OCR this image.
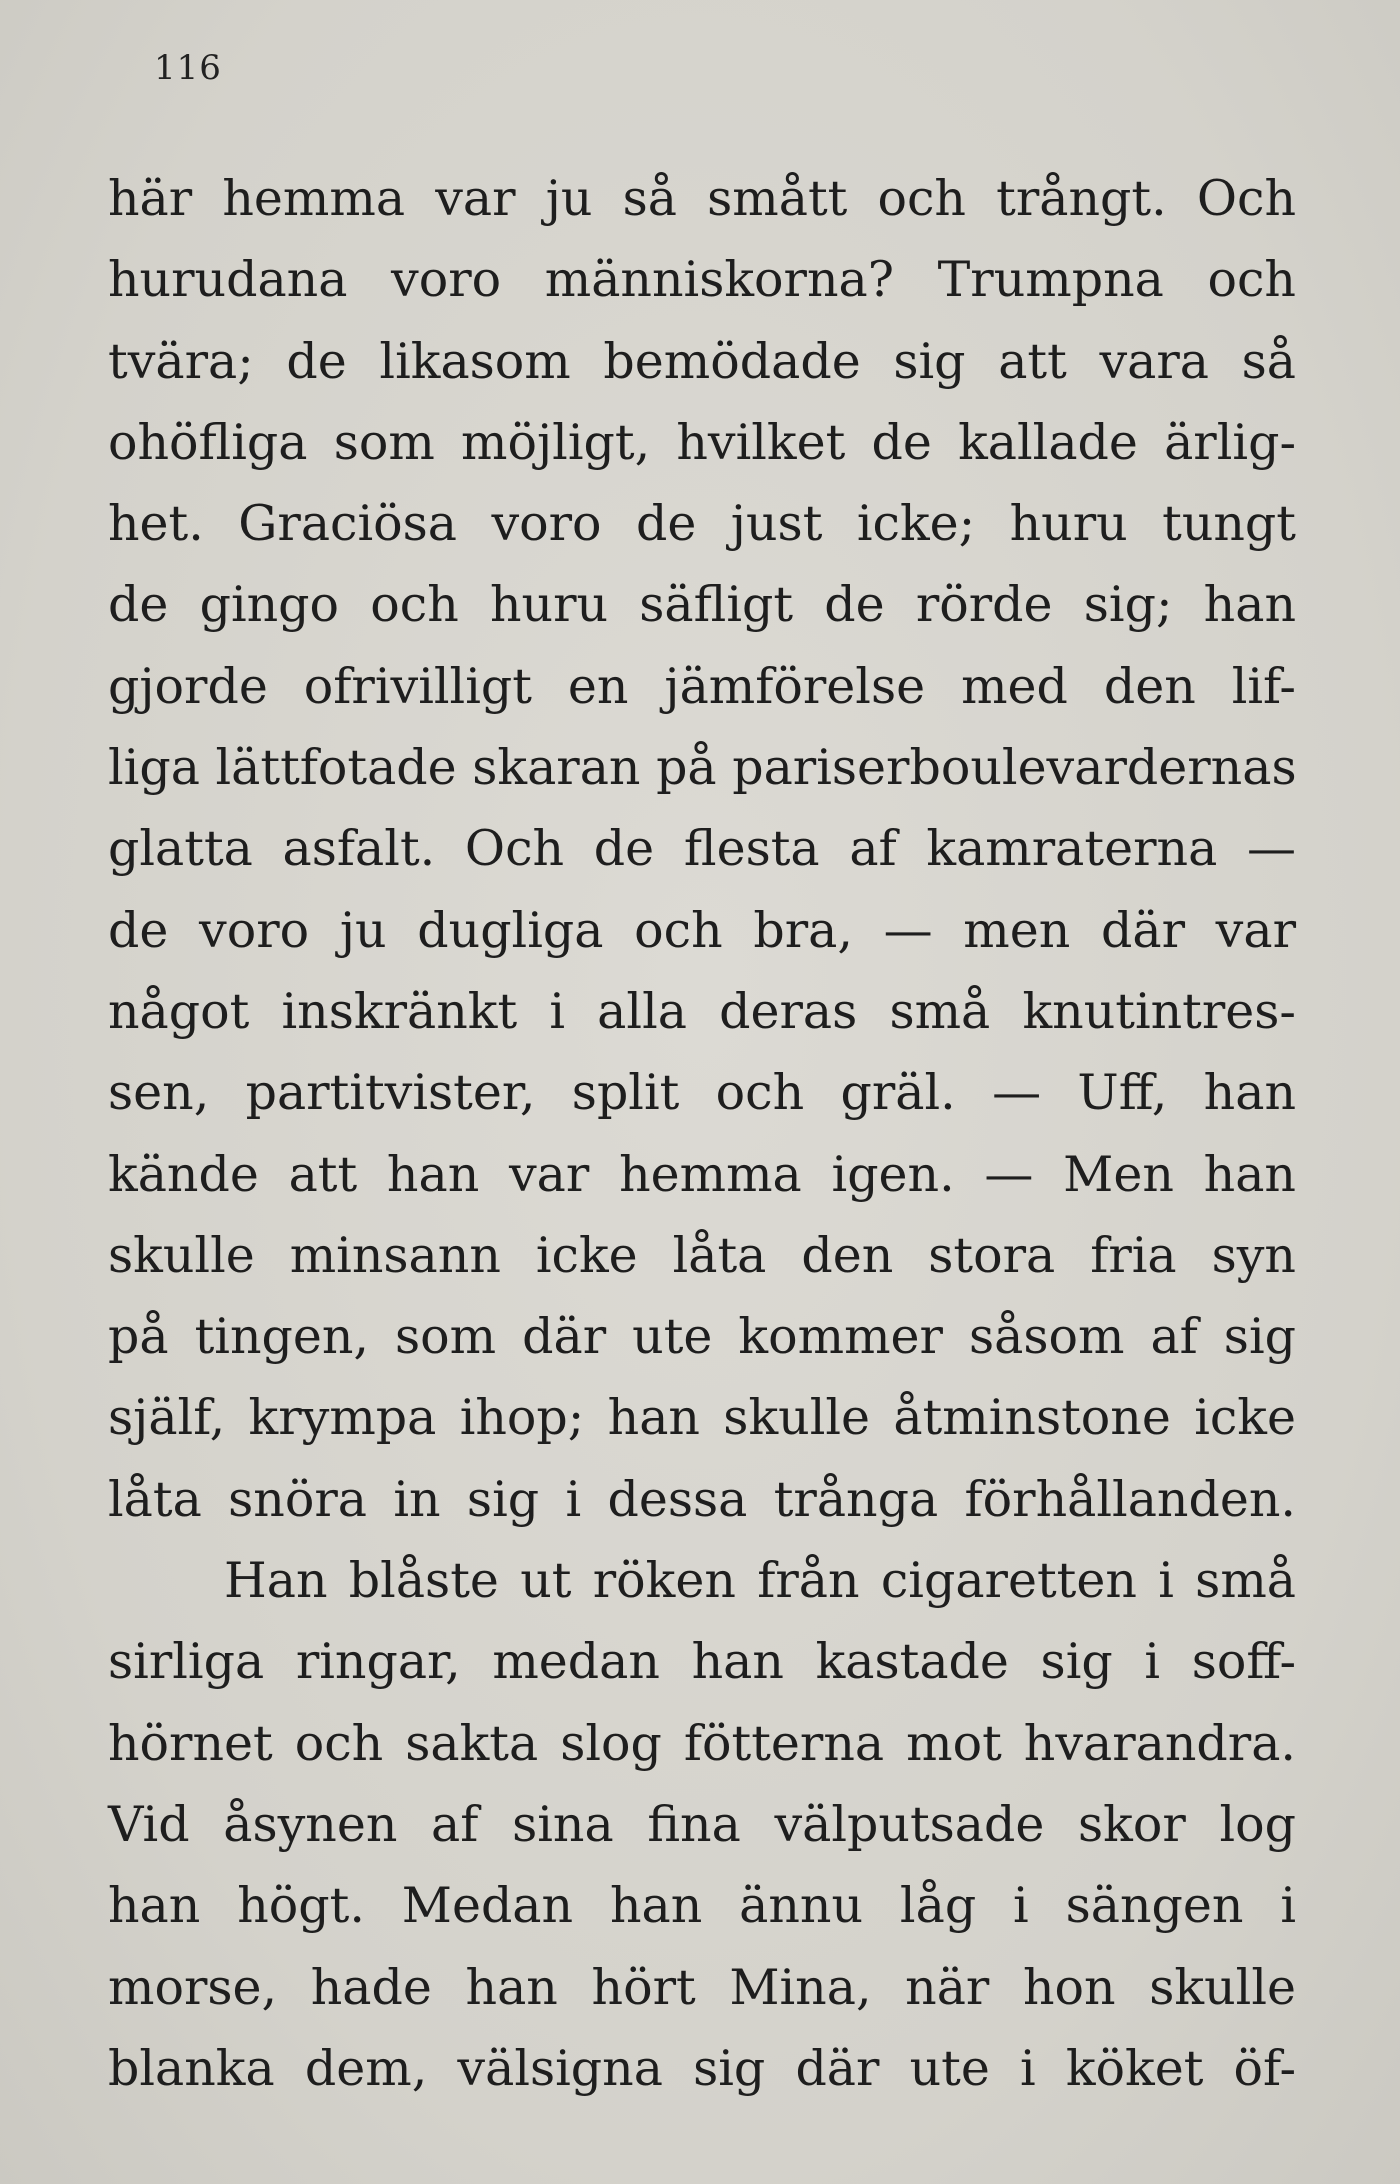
116
här hemma var ju så smått och trångt. Och
hurudana voro människorna? Trumpna och
tvära; de likasom bemödade sig att vara så
ohöfliga som möjligt, hvilket de kallade ärlig-
het. Graciösa voro de just icke; huru tungt
de gingo och huru säfligt de rörde sig; han
gjorde ofrivilligt en jämförelse med den lif-
liga lättfotade skaran på pariserboulevardernas
glatta asfalt. Och de flesta af kamraterna —
de voro ju dugliga och bra, — men där var
något inskränkt i alla deras små knutintres-
sen, partitvister, split och gräl. — Uff, han
kände att han var hemma igen. — Men han
skulle minsann icke låta den stora fria syn
på tingen, som där ute kommer såsom af sig
själf, krympa ihop; han skulle åtminstone icke
låta snöra in sig i dessa trånga förhållanden.
Han blåste ut röken från cigaretten i små
sirliga ringar, medan han kastade sig i soff-
hörnet och sakta slog fötterna mot hvarandra.
Vid åsynen af sina fina välputsade skor log
han högt. Medan han ännu låg i sängen i
morse, hade han hört Mina, när hon skulle
blanka dem, välsigna sig där ute i köket öf-
